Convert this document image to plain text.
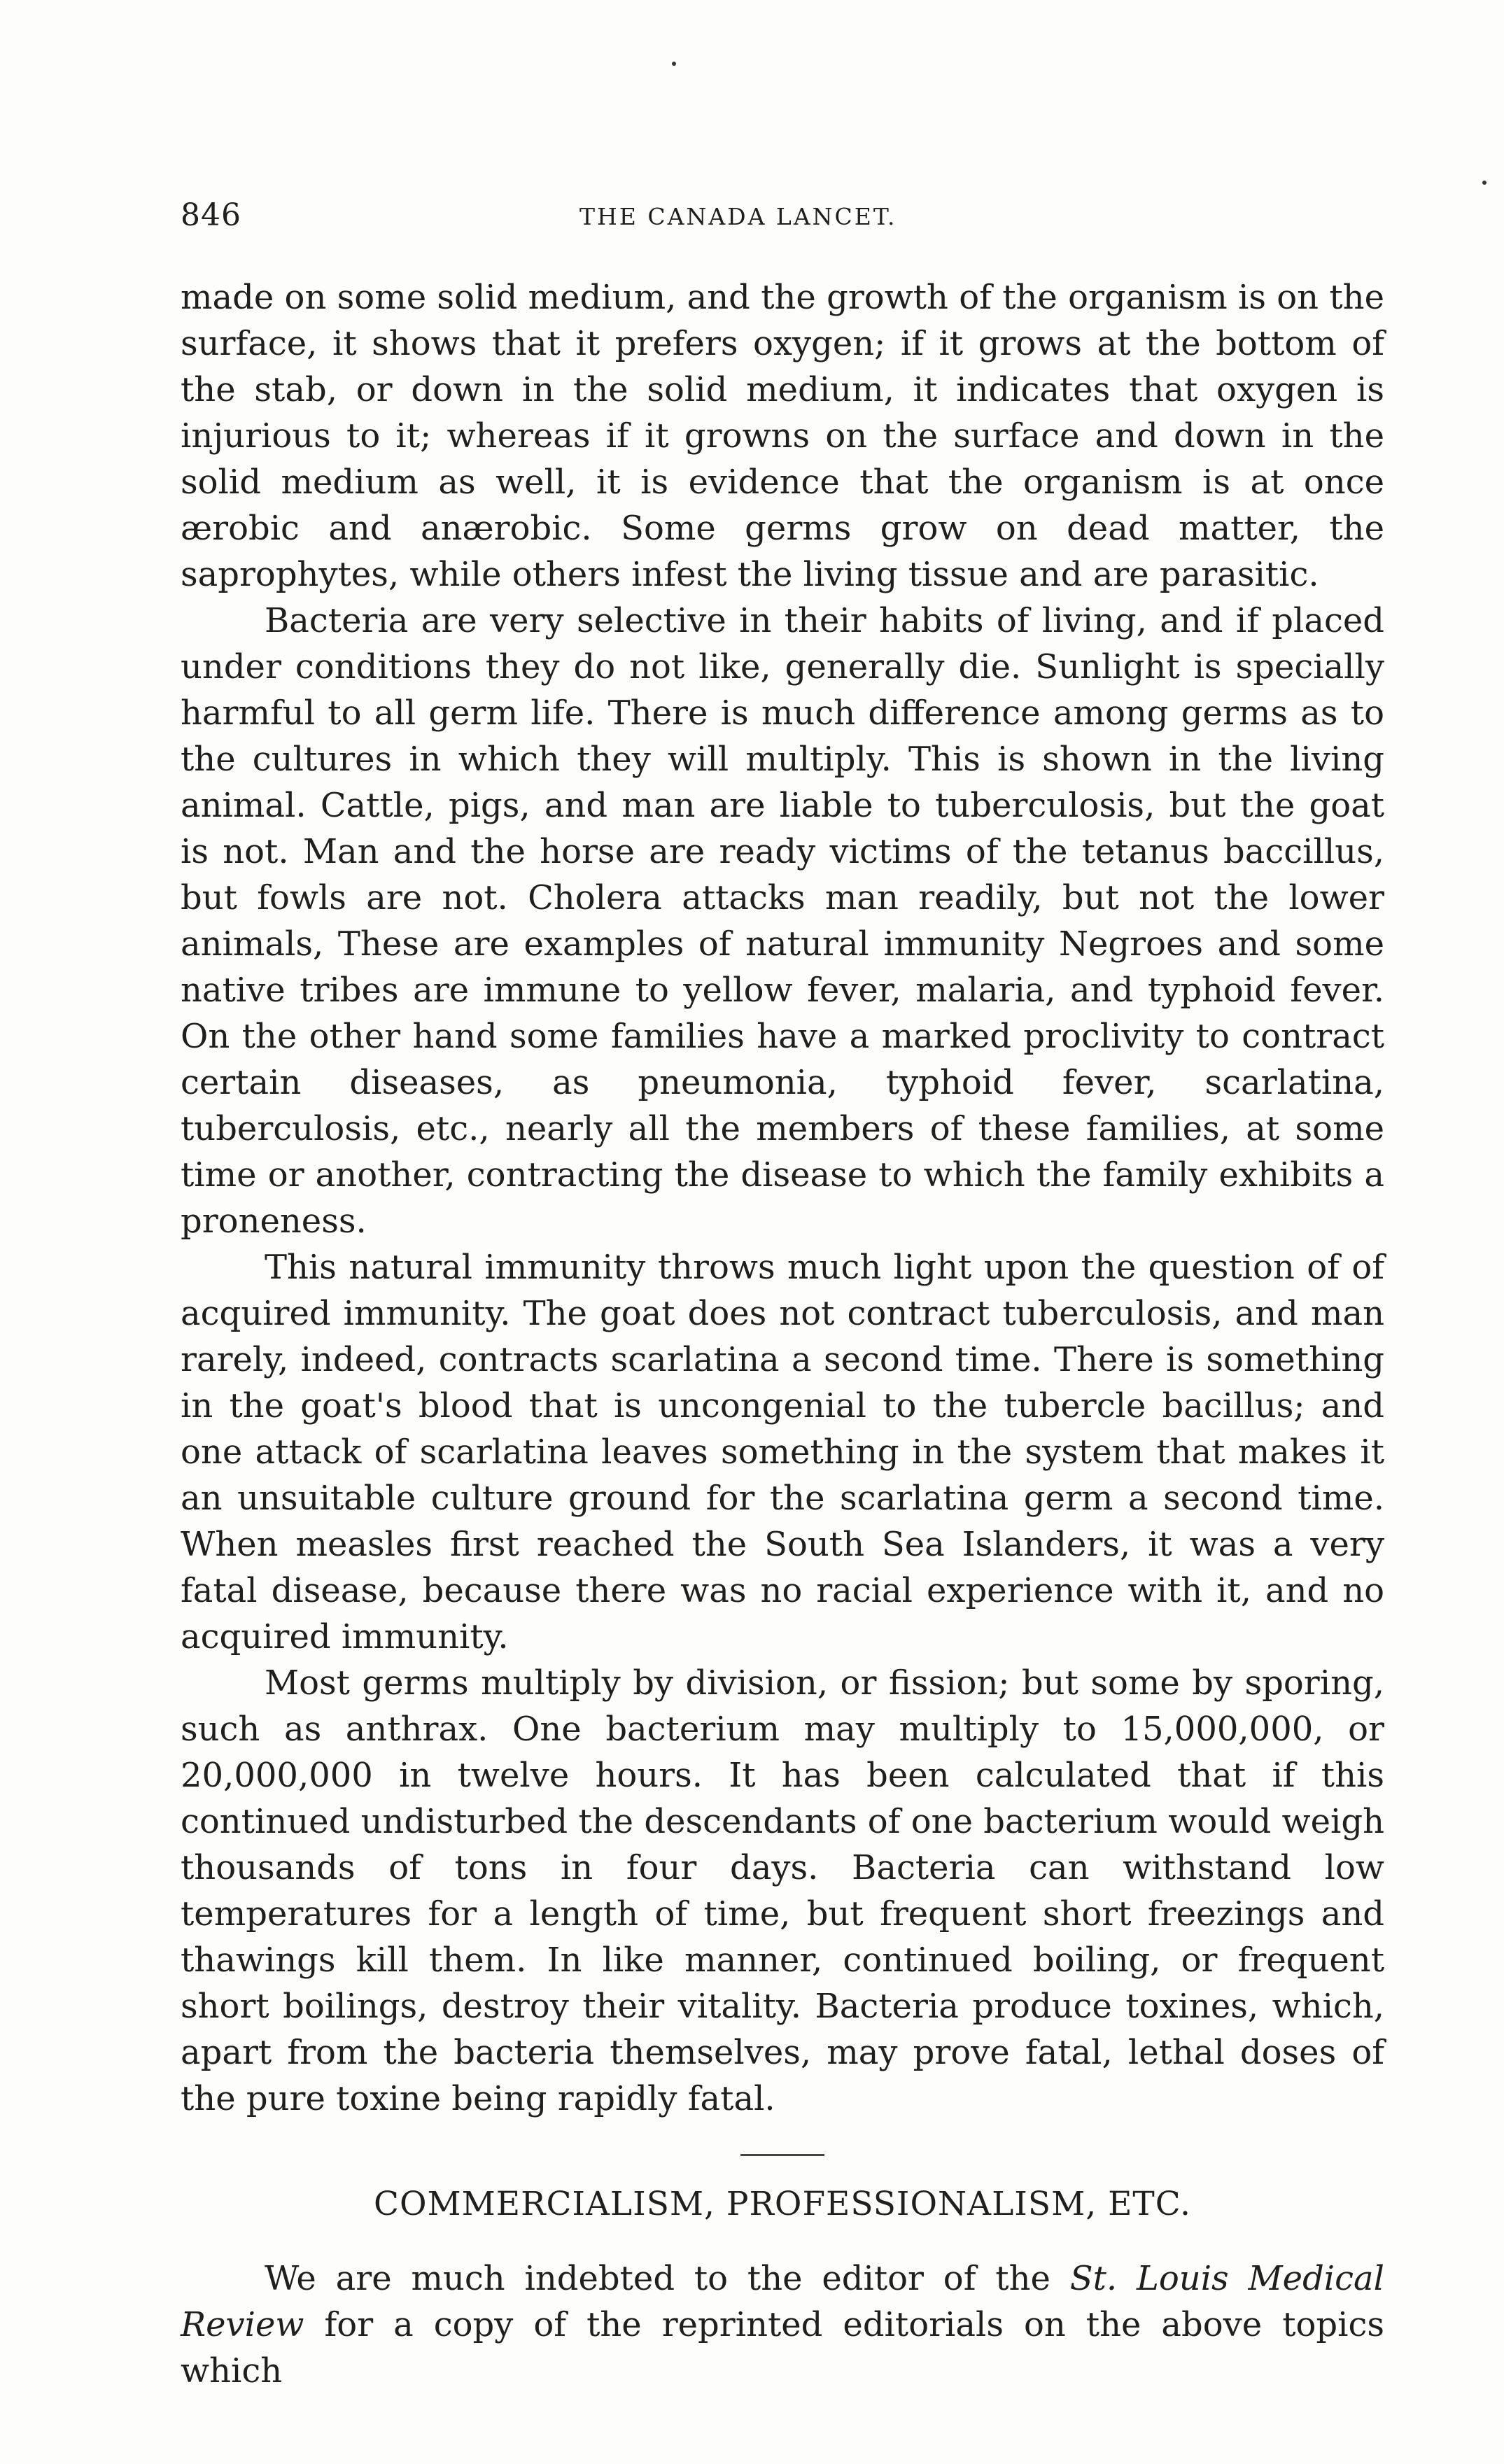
846	THE CANADA LANCET.

made on some solid medium, and the growth of the organism is on the surface, it shows that it prefers oxygen; if it grows at the bottom of the stab, or down in the solid medium, it indicates that oxygen is injurious to it; whereas if it growns on the surface and down in the solid medium as well, it is evidence that the organism is at once ærobic and anærobic. Some germs grow on dead matter, the saprophytes, while others infest the living tissue and are parasitic.

Bacteria are very selective in their habits of living, and if placed under conditions they do not like, generally die. Sunlight is specially harmful to all germ life. There is much difference among germs as to the cultures in which they will multiply. This is shown in the living animal. Cattle, pigs, and man are liable to tuberculosis, but the goat is not. Man and the horse are ready victims of the tetanus baccillus, but fowls are not. Cholera attacks man readily, but not the lower animals, These are examples of natural immunity Negroes and some native tribes are immune to yellow fever, malaria, and typhoid fever. On the other hand some families have a marked proclivity to contract certain diseases, as pneumonia, typhoid fever, scarlatina, tuberculosis, etc., nearly all the members of these families, at some time or another, contracting the disease to which the family exhibits a proneness.

This natural immunity throws much light upon the question of of acquired immunity. The goat does not contract tuberculosis, and man rarely, indeed, contracts scarlatina a second time. There is something in the goat's blood that is uncongenial to the tubercle bacillus; and one attack of scarlatina leaves something in the system that makes it an unsuitable culture ground for the scarlatina germ a second time. When measles first reached the South Sea Islanders, it was a very fatal disease, because there was no racial experience with it, and no acquired immunity.

Most germs multiply by division, or fission; but some by sporing, such as anthrax. One bacterium may multiply to 15,000,000, or 20,000,000 in twelve hours. It has been calculated that if this continued undisturbed the descendants of one bacterium would weigh thousands of tons in four days. Bacteria can withstand low temperatures for a length of time, but frequent short freezings and thawings kill them. In like manner, continued boiling, or frequent short boilings, destroy their vitality. Bacteria produce toxines, which, apart from the bacteria themselves, may prove fatal, lethal doses of the pure toxine being rapidly fatal.

COMMERCIALISM, PROFESSIONALISM, ETC.

We are much indebted to the editor of the St. Louis Medical Review for a copy of the reprinted editorials on the above topics which
